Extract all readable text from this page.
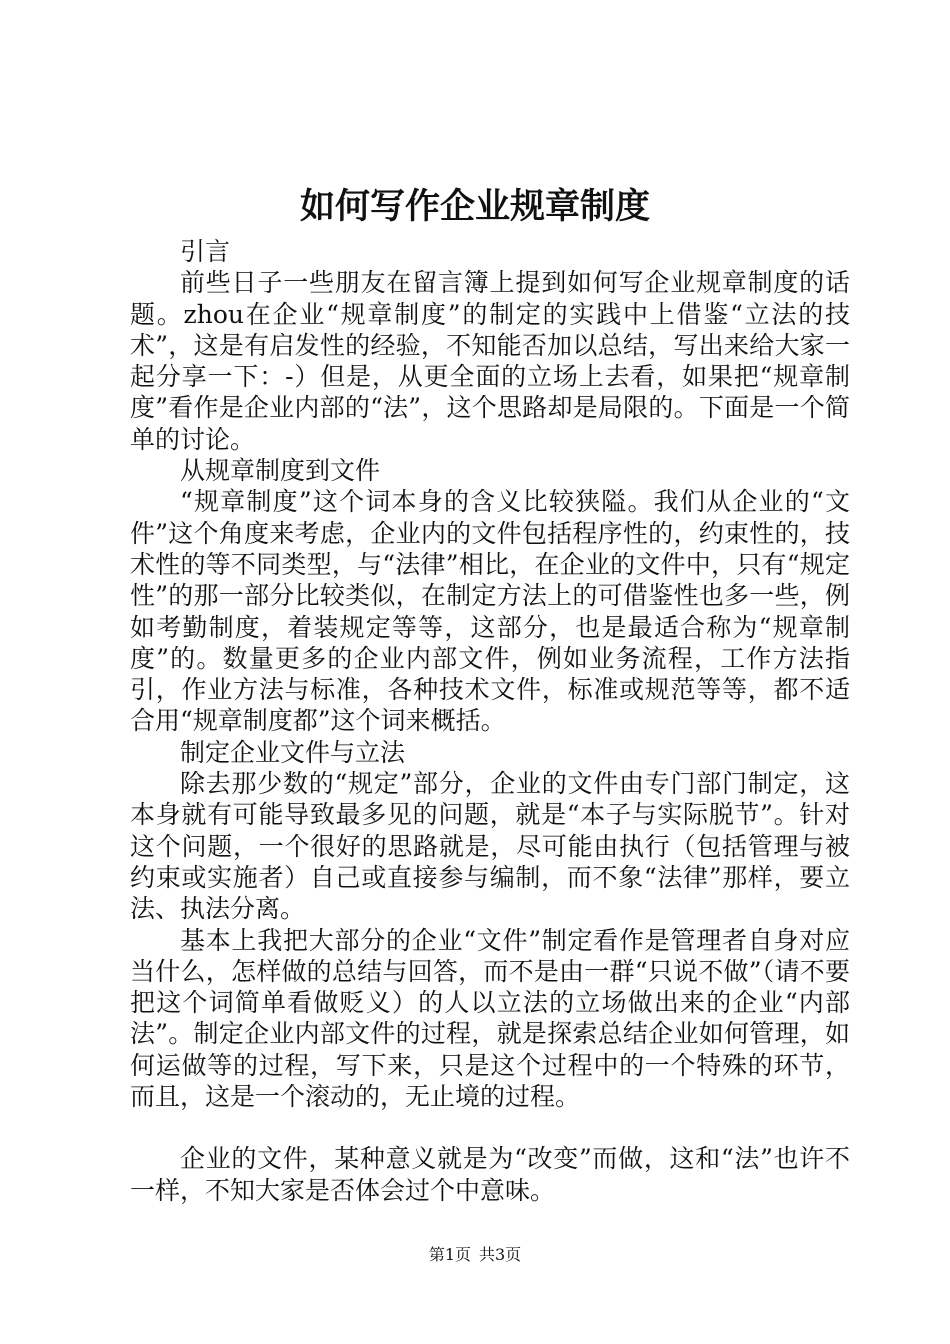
如何写作企业规章制度

引言

前些日子一些朋友在留言簿上提到如何写企业规章制度的话题。zhou在企业“规章制度”的制定的实践中上借鉴“立法的技术”，这是有启发性的经验，不知能否加以总结，写出来给大家一起分享一下：-）但是，从更全面的立场上去看，如果把“规章制度”看作是企业内部的“法”，这个思路却是局限的。下面是一个简单的讨论。

从规章制度到文件

“规章制度”这个词本身的含义比较狭隘。我们从企业的“文件”这个角度来考虑，企业内的文件包括程序性的，约束性的，技术性的等不同类型，与“法律”相比，在企业的文件中，只有“规定性”的那一部分比较类似，在制定方法上的可借鉴性也多一些，例如考勤制度，着装规定等等，这部分，也是最适合称为“规章制度”的。数量更多的企业内部文件，例如业务流程，工作方法指引，作业方法与标准，各种技术文件，标准或规范等等，都不适合用“规章制度都”这个词来概括。

制定企业文件与立法

除去那少数的“规定”部分，企业的文件由专门部门制定，这本身就有可能导致最多见的问题，就是“本子与实际脱节”。针对这个问题，一个很好的思路就是，尽可能由执行（包括管理与被约束或实施者）自己或直接参与编制，而不象“法律”那样，要立法、执法分离。

基本上我把大部分的企业“文件”制定看作是管理者自身对应当什么，怎样做的总结与回答，而不是由一群“只说不做”（请不要把这个词简单看做贬义）的人以立法的立场做出来的企业“内部法”。制定企业内部文件的过程，就是探索总结企业如何管理，如何运做等的过程，写下来，只是这个过程中的一个特殊的环节，而且，这是一个滚动的，无止境的过程。

企业的文件，某种意义就是为“改变”而做，这和“法”也许不一样，不知大家是否体会过个中意味。

第1页 共3页
